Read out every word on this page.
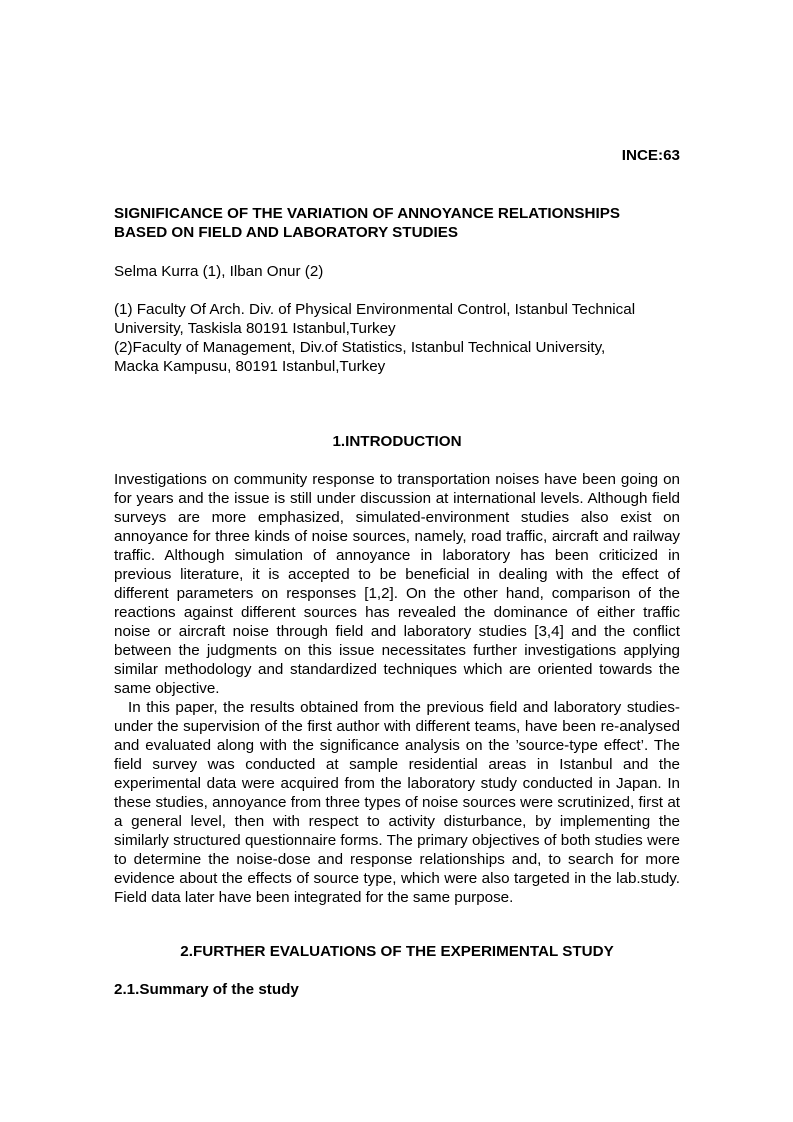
INCE:63
SIGNIFICANCE OF THE VARIATION OF ANNOYANCE RELATIONSHIPS
BASED ON FIELD AND LABORATORY STUDIES
Selma Kurra (1), Ilban Onur (2)
(1) Faculty Of Arch. Div. of Physical Environmental Control, Istanbul Technical
University, Taskisla 80191 Istanbul,Turkey
(2)Faculty of Management, Div.of Statistics, Istanbul Technical University,
Macka Kampusu, 80191 Istanbul,Turkey
1.INTRODUCTION

Investigations on community response to transportation noises have been going on for years and the issue is still under discussion at international levels. Although field surveys are more emphasized, simulated-environment studies also exist on annoyance for three kinds of noise sources, namely, road traffic, aircraft and railway traffic. Although simulation of annoyance in laboratory has been criticized in previous literature, it is accepted to be beneficial in dealing with the effect of different parameters on responses [1,2]. On the other hand, comparison of the reactions against different sources has revealed the dominance of either traffic noise or aircraft noise through field and laboratory studies [3,4] and the conflict between the judgments on this issue necessitates further investigations applying similar methodology and standardized techniques which are oriented towards the same objective.

In this paper, the results obtained from the previous field and laboratory studies-under the supervision of the first author with different teams, have been re-analysed and evaluated along with the significance analysis on the ’source-type effect’. The field survey was conducted at sample residential areas in Istanbul and the experimental data were acquired from the laboratory study conducted in Japan. In these studies, annoyance from three types of noise sources were scrutinized, first at a general level, then with respect to activity disturbance, by implementing the similarly structured questionnaire forms. The primary objectives of both studies were to determine the noise-dose and response relationships and, to search for more evidence about the effects of source type, which were also targeted in the lab.study. Field data later have been integrated for the same purpose.

2.FURTHER EVALUATIONS OF THE EXPERIMENTAL STUDY
2.1.Summary of the study
